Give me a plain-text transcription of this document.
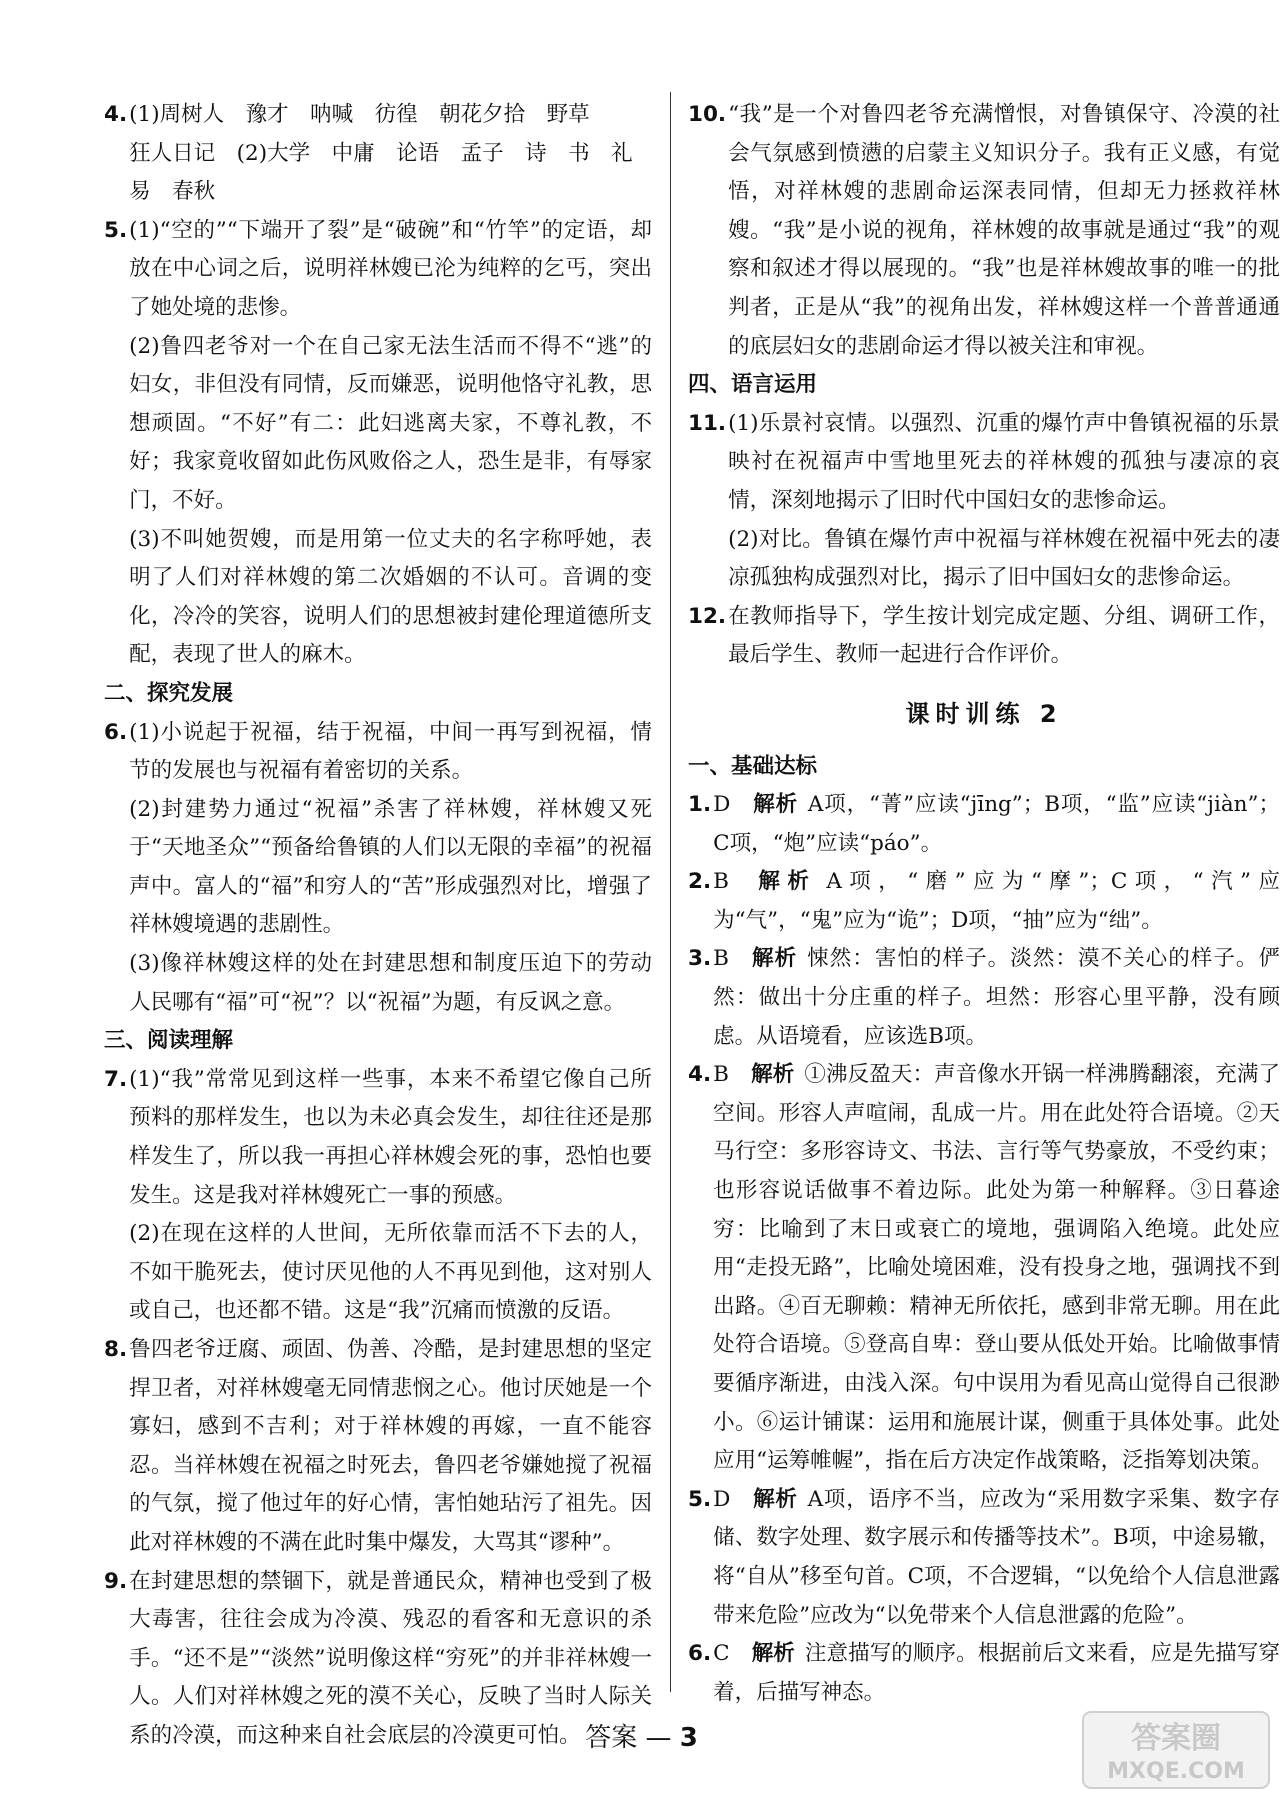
4. (1)周树人　豫才　呐喊　彷徨　朝花夕拾　野草
狂人日记　(2)大学　中庸　论语　孟子　诗　书　礼
易　春秋
5. (1)“空的”“下端开了裂”是“破碗”和“竹竿”的定语，却放在中心词之后，说明祥林嫂已沦为纯粹的乞丐，突出了她处境的悲惨。
(2)鲁四老爷对一个在自己家无法生活而不得不“逃”的妇女，非但没有同情，反而嫌恶，说明他恪守礼教，思想顽固。“不好”有二：此妇逃离夫家，不尊礼教，不好；我家竟收留如此伤风败俗之人，恐生是非，有辱家门，不好。
(3)不叫她贺嫂，而是用第一位丈夫的名字称呼她，表明了人们对祥林嫂的第二次婚姻的不认可。音调的变化，冷冷的笑容，说明人们的思想被封建伦理道德所支配，表现了世人的麻木。
二、探究发展
6. (1)小说起于祝福，结于祝福，中间一再写到祝福，情节的发展也与祝福有着密切的关系。
(2)封建势力通过“祝福”杀害了祥林嫂，祥林嫂又死于“天地圣众”“预备给鲁镇的人们以无限的幸福”的祝福声中。富人的“福”和穷人的“苦”形成强烈对比，增强了祥林嫂境遇的悲剧性。
(3)像祥林嫂这样的处在封建思想和制度压迫下的劳动人民哪有“福”可“祝”？以“祝福”为题，有反讽之意。
三、阅读理解
7. (1)“我”常常见到这样一些事，本来不希望它像自己所预料的那样发生，也以为未必真会发生，却往往还是那样发生了，所以我一再担心祥林嫂会死的事，恐怕也要发生。这是我对祥林嫂死亡一事的预感。
(2)在现在这样的人世间，无所依靠而活不下去的人，不如干脆死去，使讨厌见他的人不再见到他，这对别人或自己，也还都不错。这是“我”沉痛而愤激的反语。
8. 鲁四老爷迂腐、顽固、伪善、冷酷，是封建思想的坚定捍卫者，对祥林嫂毫无同情悲悯之心。他讨厌她是一个寡妇，感到不吉利；对于祥林嫂的再嫁，一直不能容忍。当祥林嫂在祝福之时死去，鲁四老爷嫌她搅了祝福的气氛，搅了他过年的好心情，害怕她玷污了祖先。因此对祥林嫂的不满在此时集中爆发，大骂其“谬种”。
9. 在封建思想的禁锢下，就是普通民众，精神也受到了极大毒害，往往会成为冷漠、残忍的看客和无意识的杀手。“还不是”“淡然”说明像这样“穷死”的并非祥林嫂一人。人们对祥林嫂之死的漠不关心，反映了当时人际关系的冷漠，而这种来自社会底层的冷漠更可怕。
10. “我”是一个对鲁四老爷充满憎恨，对鲁镇保守、冷漠的社会气氛感到愤懑的启蒙主义知识分子。我有正义感，有觉悟，对祥林嫂的悲剧命运深表同情，但却无力拯救祥林嫂。“我”是小说的视角，祥林嫂的故事就是通过“我”的观察和叙述才得以展现的。“我”也是祥林嫂故事的唯一的批判者，正是从“我”的视角出发，祥林嫂这样一个普普通通的底层妇女的悲剧命运才得以被关注和审视。
四、语言运用
11. (1)乐景衬哀情。以强烈、沉重的爆竹声中鲁镇祝福的乐景映衬在祝福声中雪地里死去的祥林嫂的孤独与凄凉的哀情，深刻地揭示了旧时代中国妇女的悲惨命运。
(2)对比。鲁镇在爆竹声中祝福与祥林嫂在祝福中死去的凄凉孤独构成强烈对比，揭示了旧中国妇女的悲惨命运。
12. 在教师指导下，学生按计划完成定题、分组、调研工作，最后学生、教师一起进行合作评价。
课时训练 2
一、基础达标
1. D 解析 A项，“菁”应读“jīng”；B项，“监”应读“jiàn”；C项，“炮”应读“páo”。
2. B 解析 A项，“磨”应为“摩”；C项，“汽”应为“气”，“鬼”应为“诡”；D项，“抽”应为“绌”。
3. B 解析 悚然：害怕的样子。淡然：漠不关心的样子。俨然：做出十分庄重的样子。坦然：形容心里平静，没有顾虑。从语境看，应该选B项。
4. B 解析 ①沸反盈天：声音像水开锅一样沸腾翻滚，充满了空间。形容人声喧闹，乱成一片。用在此处符合语境。②天马行空：多形容诗文、书法、言行等气势豪放，不受约束；也形容说话做事不着边际。此处为第一种解释。③日暮途穷：比喻到了末日或衰亡的境地，强调陷入绝境。此处应用“走投无路”，比喻处境困难，没有投身之地，强调找不到出路。④百无聊赖：精神无所依托，感到非常无聊。用在此处符合语境。⑤登高自卑：登山要从低处开始。比喻做事情要循序渐进，由浅入深。句中误用为看见高山觉得自己很渺小。⑥运计铺谋：运用和施展计谋，侧重于具体处事。此处应用“运筹帷幄”，指在后方决定作战策略，泛指筹划决策。
5. D 解析 A项，语序不当，应改为“采用数字采集、数字存储、数字处理、数字展示和传播等技术”。B项，中途易辙，将“自从”移至句首。C项，不合逻辑，“以免给个人信息泄露带来危险”应改为“以免带来个人信息泄露的危险”。
6. C 解析 注意描写的顺序。根据前后文来看，应是先描写穿着，后描写神态。
答案 — 3	答案圈
MXQE.COM
